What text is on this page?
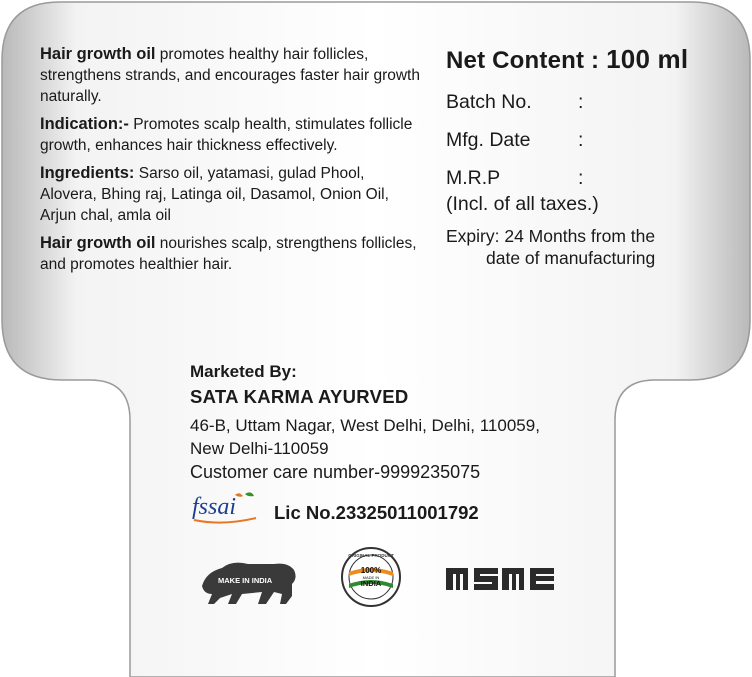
Hair growth oil promotes healthy hair follicles, strengthens strands, and encourages faster hair growth naturally.

Indication:- Promotes scalp health, stimulates follicle growth, enhances hair thickness effectively.

Ingredients: Sarso oil, yatamasi, gulad Phool, Alovera, Bhing raj, Latinga oil, Dasamol, Onion Oil, Arjun chal, amla oil

Hair growth oil nourishes scalp, strengthens follicles, and promotes healthier hair.

Net Content : 100 ml

Batch No. :
Mfg. Date :
M.R.P	:
(Incl. of all taxes.)
Expiry: 24 Months from the
date of manufacturing

Marketed By:

SATA KARMA AYURVED

46-B, Uttam Nagar, West Delhi, Delhi, 110059,

New Delhi-110059

Customer care number-9999235075

fssai Lic No.23325011001792
MAKE IN INDIA
ORIGINAL PRODUCT
100%
MADE IN
INDIA
MSME
